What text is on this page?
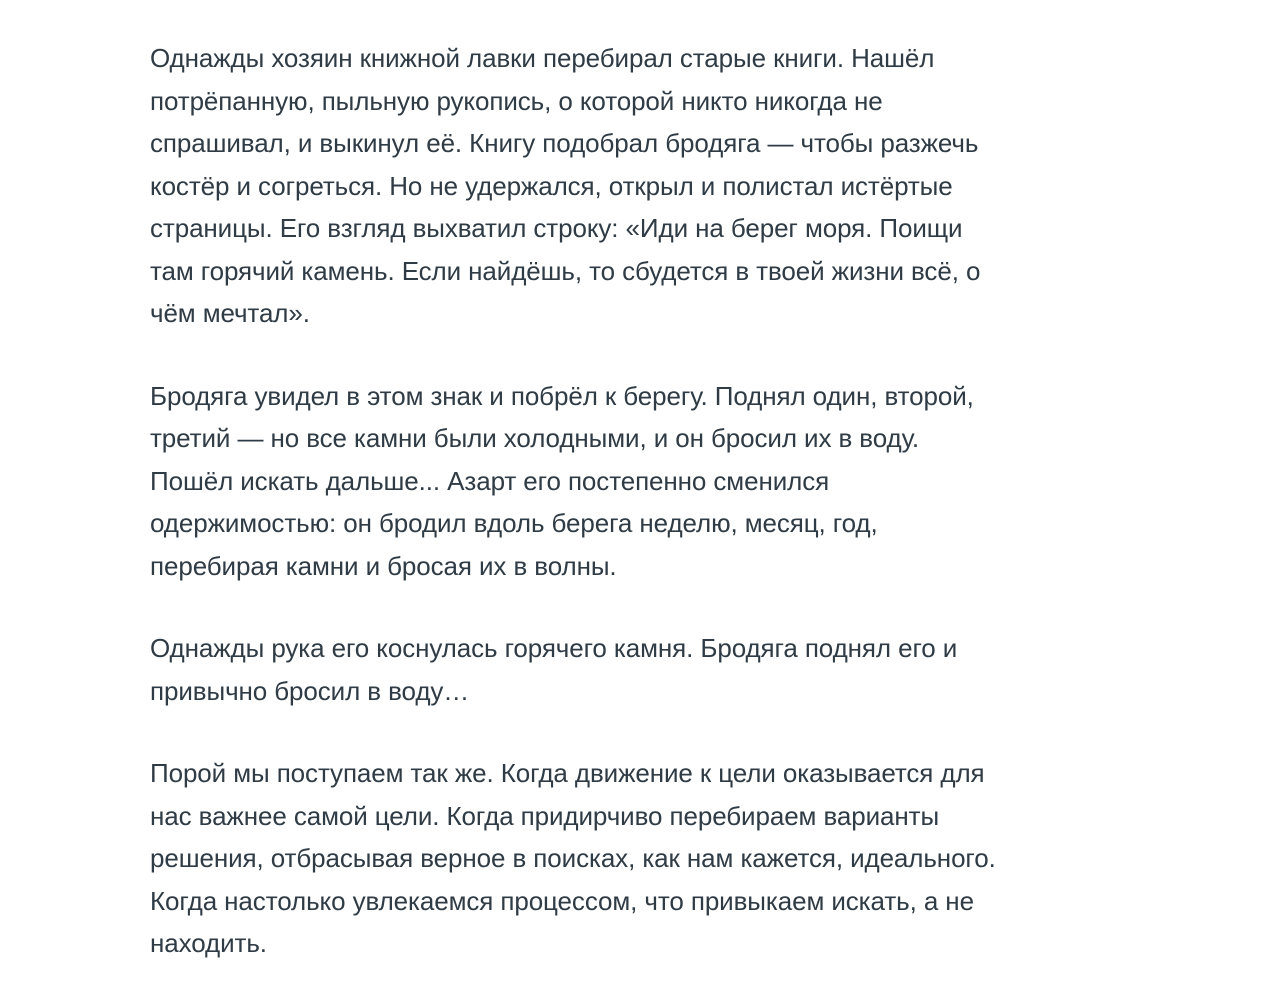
Однажды хозяин книжной лавки перебирал старые книги. Нашёл
потрёпанную, пыльную рукопись, о которой никто никогда не
спрашивал, и выкинул её. Книгу подобрал бродяга — чтобы разжечь
костёр и согреться. Но не удержался, открыл и полистал истёртые
страницы. Его взгляд выхватил строку: «Иди на берег моря. Поищи
там горячий камень. Если найдёшь, то сбудется в твоей жизни всё, о
чём мечтал».

Бродяга увидел в этом знак и побрёл к берегу. Поднял один, второй,
третий — но все камни были холодными, и он бросил их в воду.
Пошёл искать дальше... Азарт его постепенно сменился
одержимостью: он бродил вдоль берега неделю, месяц, год,
перебирая камни и бросая их в волны.

Однажды рука его коснулась горячего камня. Бродяга поднял его и
привычно бросил в воду…

Порой мы поступаем так же. Когда движение к цели оказывается для
нас важнее самой цели. Когда придирчиво перебираем варианты
решения, отбрасывая верное в поисках, как нам кажется, идеального.
Когда настолько увлекаемся процессом, что привыкаем искать, а не
находить.
